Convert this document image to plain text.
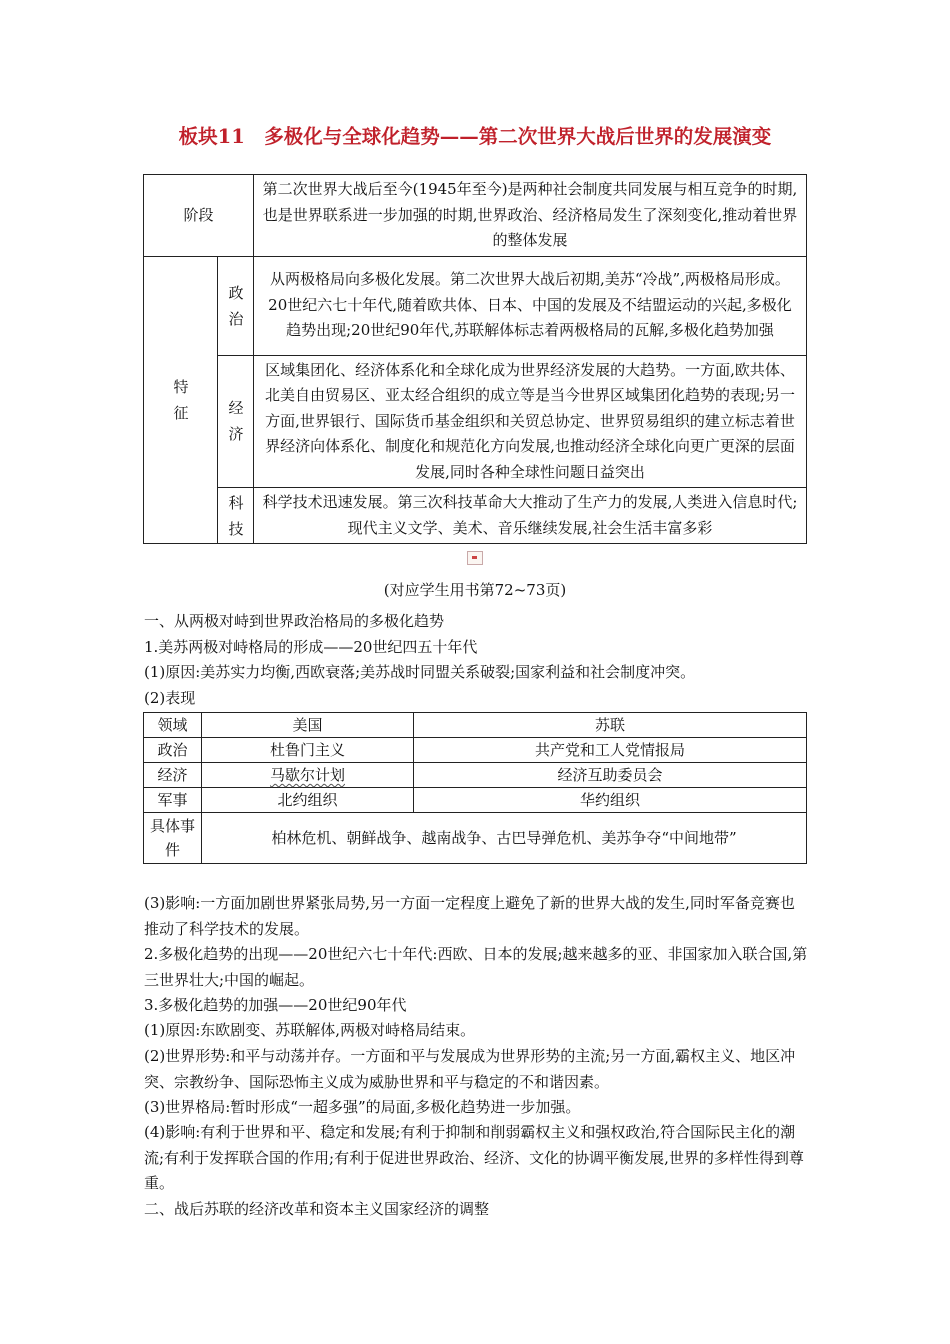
板块11　多极化与全球化趋势——第二次世界大战后世界的发展演变
阶段		第二次世界大战后至今(1945年至今)是两种社会制度共同发展与相互竞争的时期,也是世界联系进一步加强的时期,世界政治、经济格局发生了深刻变化,推动着世界的整体发展

特征	政治	从两极格局向多极化发展。第二次世界大战后初期,美苏“冷战”,两极格局形成。20世纪六七十年代,随着欧共体、日本、中国的发展及不结盟运动的兴起,多极化趋势出现;20世纪90年代,苏联解体标志着两极格局的瓦解,多极化趋势加强

	经济	区域集团化、经济体系化和全球化成为世界经济发展的大趋势。一方面,欧共体、北美自由贸易区、亚太经合组织的成立等是当今世界区域集团化趋势的表现;另一方面,世界银行、国际货币基金组织和关贸总协定、世界贸易组织的建立标志着世界经济向体系化、制度化和规范化方向发展,也推动经济全球化向更广更深的层面发展,同时各种全球性问题日益突出

	科技	科学技术迅速发展。第三次科技革命大大推动了生产力的发展,人类进入信息时代;现代主义文学、美术、音乐继续发展,社会生活丰富多彩
(对应学生用书第72~73页)
一、从两极对峙到世界政治格局的多极化趋势
1.美苏两极对峙格局的形成——20世纪四五十年代
(1)原因:美苏实力均衡,西欧衰落;美苏战时同盟关系破裂;国家利益和社会制度冲突。
(2)表现
领域	美国	苏联
政治	杜鲁门主义	共产党和工人党情报局
经济	马歇尔计划	经济互助委员会
军事	北约组织	华约组织
具体事件	柏林危机、朝鲜战争、越南战争、古巴导弹危机、美苏争夺“中间地带”	
(3)影响:一方面加剧世界紧张局势,另一方面一定程度上避免了新的世界大战的发生,同时军备竞赛也推动了科学技术的发展。
2.多极化趋势的出现——20世纪六七十年代:西欧、日本的发展;越来越多的亚、非国家加入联合国,第三世界壮大;中国的崛起。
3.多极化趋势的加强——20世纪90年代
(1)原因:东欧剧变、苏联解体,两极对峙格局结束。
(2)世界形势:和平与动荡并存。一方面和平与发展成为世界形势的主流;另一方面,霸权主义、地区冲突、宗教纷争、国际恐怖主义成为威胁世界和平与稳定的不和谐因素。
(3)世界格局:暂时形成“一超多强”的局面,多极化趋势进一步加强。
(4)影响:有利于世界和平、稳定和发展;有利于抑制和削弱霸权主义和强权政治,符合国际民主化的潮流;有利于发挥联合国的作用;有利于促进世界政治、经济、文化的协调平衡发展,世界的多样性得到尊重。
二、战后苏联的经济改革和资本主义国家经济的调整
